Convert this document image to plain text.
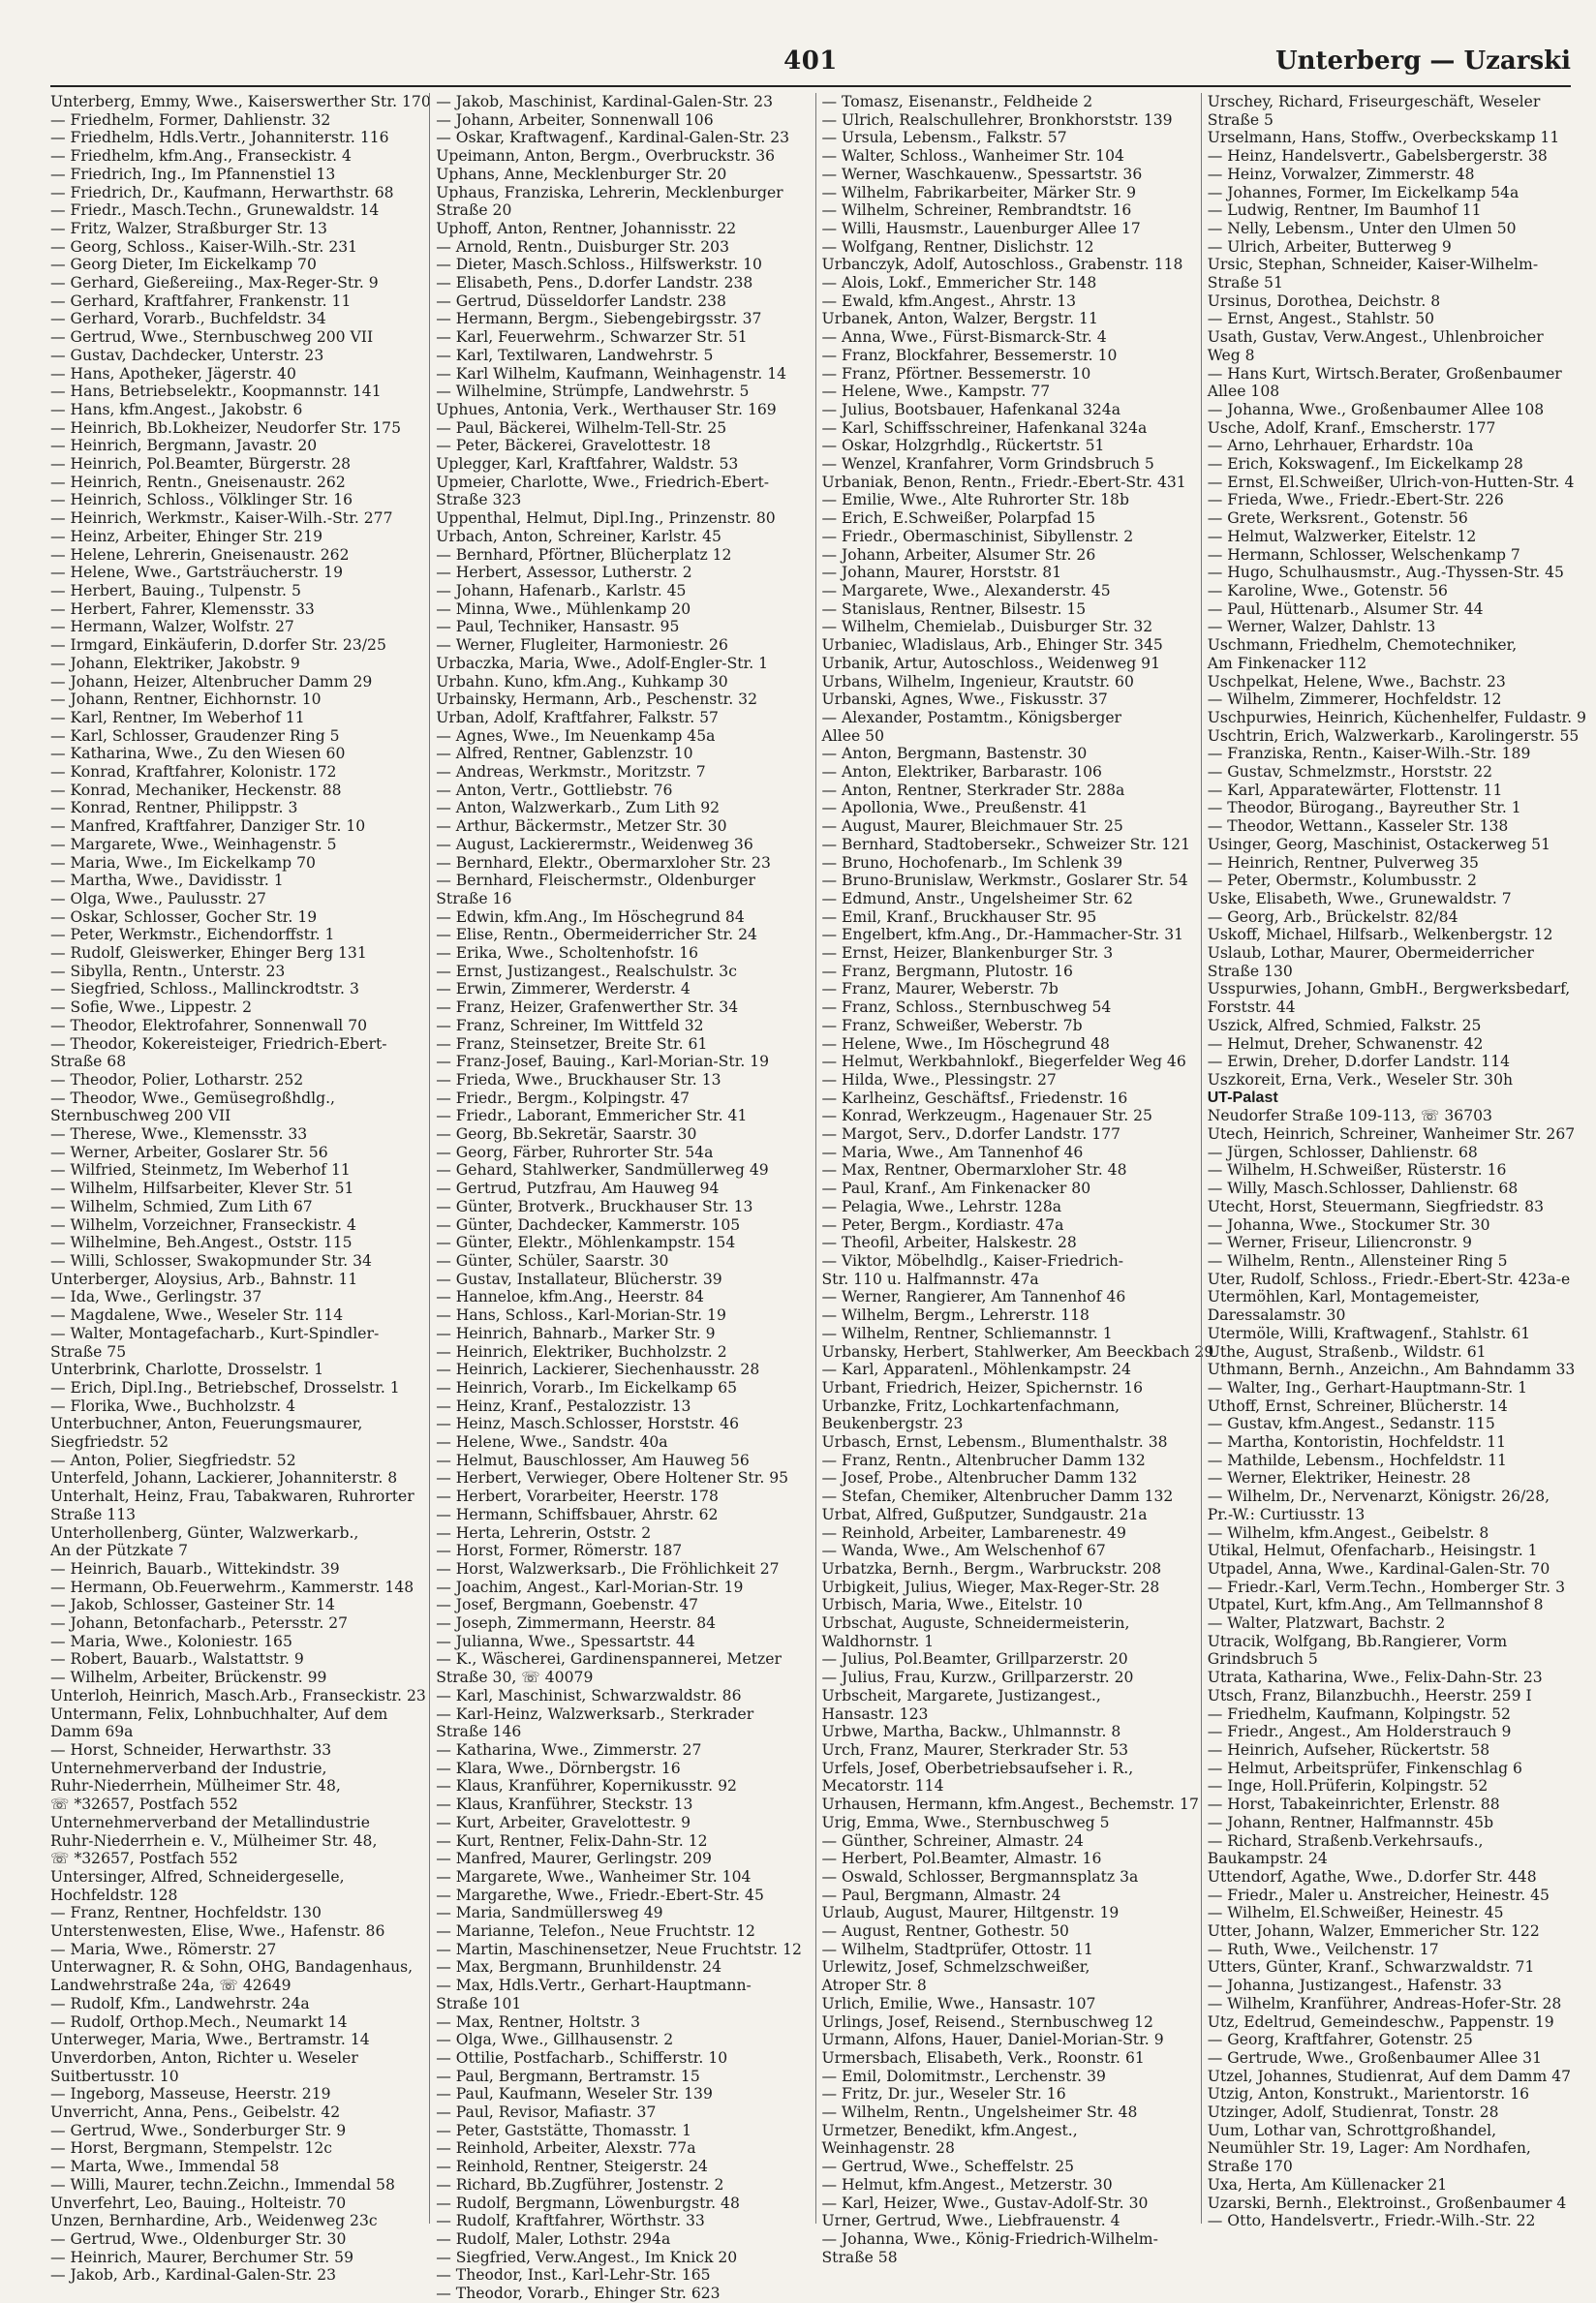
401	Unterberg — Uzarski
Unterberg, Emmy, Wwe., Kaiserswerther Str. 170
— Friedhelm, Former, Dahlienstr. 32
— Friedhelm, Hdls.Vertr., Johanniterstr. 116
— Friedhelm, kfm.Ang., Franseckistr. 4
— Friedrich, Ing., Im Pfannenstiel 13
— Friedrich, Dr., Kaufmann, Herwarthstr. 68
— Friedr., Masch.Techn., Grunewaldstr. 14
— Fritz, Walzer, Straßburger Str. 13
— Georg, Schloss., Kaiser-Wilh.-Str. 231
— Georg Dieter, Im Eickelkamp 70
— Gerhard, Gießereiing., Max-Reger-Str. 9
— Gerhard, Kraftfahrer, Frankenstr. 11
— Gerhard, Vorarb., Buchfeldstr. 34
— Gertrud, Wwe., Sternbuschweg 200 VII
— Gustav, Dachdecker, Unterstr. 23
— Hans, Apotheker, Jägerstr. 40
— Hans, Betriebselektr., Koopmannstr. 141
— Hans, kfm.Angest., Jakobstr. 6
— Heinrich, Bb.Lokheizer, Neudorfer Str. 175
— Heinrich, Bergmann, Javastr. 20
— Heinrich, Pol.Beamter, Bürgerstr. 28
— Heinrich, Rentn., Gneisenaustr. 262
— Heinrich, Schloss., Völklinger Str. 16
— Heinrich, Werkmstr., Kaiser-Wilh.-Str. 277
— Heinz, Arbeiter, Ehinger Str. 219
— Helene, Lehrerin, Gneisenaustr. 262
— Helene, Wwe., Gartsträucherstr. 19
— Herbert, Bauing., Tulpenstr. 5
— Herbert, Fahrer, Klemensstr. 33
— Hermann, Walzer, Wolfstr. 27
— Irmgard, Einkäuferin, D.dorfer Str. 23/25
— Johann, Elektriker, Jakobstr. 9
— Johann, Heizer, Altenbrucher Damm 29
— Johann, Rentner, Eichhornstr. 10
— Karl, Rentner, Im Weberhof 11
— Karl, Schlosser, Graudenzer Ring 5
— Katharina, Wwe., Zu den Wiesen 60
— Konrad, Kraftfahrer, Kolonistr. 172
— Konrad, Mechaniker, Heckenstr. 88
— Konrad, Rentner, Philippstr. 3
— Manfred, Kraftfahrer, Danziger Str. 10
— Margarete, Wwe., Weinhagenstr. 5
— Maria, Wwe., Im Eickelkamp 70
— Martha, Wwe., Davidisstr. 1
— Olga, Wwe., Paulusstr. 27
— Oskar, Schlosser, Gocher Str. 19
— Peter, Werkmstr., Eichendorffstr. 1
— Rudolf, Gleiswerker, Ehinger Berg 131
— Sibylla, Rentn., Unterstr. 23
— Siegfried, Schloss., Mallinckrodtstr. 3
— Sofie, Wwe., Lippestr. 2
— Theodor, Elektrofahrer, Sonnenwall 70
— Theodor, Kokereisteiger, Friedrich-Ebert-
Straße 68
— Theodor, Polier, Lotharstr. 252
— Theodor, Wwe., Gemüsegroßhdlg.,
Sternbuschweg 200 VII
— Therese, Wwe., Klemensstr. 33
— Werner, Arbeiter, Goslarer Str. 56
— Wilfried, Steinmetz, Im Weberhof 11
— Wilhelm, Hilfsarbeiter, Klever Str. 51
— Wilhelm, Schmied, Zum Lith 67
— Wilhelm, Vorzeichner, Franseckistr. 4
— Wilhelmine, Beh.Angest., Oststr. 115
— Willi, Schlosser, Swakopmunder Str. 34
Unterberger, Aloysius, Arb., Bahnstr. 11
— Ida, Wwe., Gerlingstr. 37
— Magdalene, Wwe., Weseler Str. 114
— Walter, Montagefacharb., Kurt-Spindler-
Straße 75
Unterbrink, Charlotte, Drosselstr. 1
— Erich, Dipl.Ing., Betriebschef, Drosselstr. 1
— Florika, Wwe., Buchholzstr. 4
Unterbuchner, Anton, Feuerungsmaurer,
Siegfriedstr. 52
— Anton, Polier, Siegfriedstr. 52
Unterfeld, Johann, Lackierer, Johanniterstr. 8
Unterhalt, Heinz, Frau, Tabakwaren, Ruhrorter
Straße 113
Unterhollenberg, Günter, Walzwerkarb.,
An der Pützkate 7
— Heinrich, Bauarb., Wittekindstr. 39
— Hermann, Ob.Feuerwehrm., Kammerstr. 148
— Jakob, Schlosser, Gasteiner Str. 14
— Johann, Betonfacharb., Petersstr. 27
— Maria, Wwe., Koloniestr. 165
— Robert, Bauarb., Walstattstr. 9
— Wilhelm, Arbeiter, Brückenstr. 99
Unterloh, Heinrich, Masch.Arb., Franseckistr. 23
Untermann, Felix, Lohnbuchhalter, Auf dem
Damm 69a
— Horst, Schneider, Herwarthstr. 33
Unternehmerverband der Industrie,
Ruhr-Niederrhein, Mülheimer Str. 48,
☏ *32657, Postfach 552
Unternehmerverband der Metallindustrie
Ruhr-Niederrhein e. V., Mülheimer Str. 48,
☏ *32657, Postfach 552
Untersinger, Alfred, Schneidergeselle,
Hochfeldstr. 128
— Franz, Rentner, Hochfeldstr. 130
Unterstenwesten, Elise, Wwe., Hafenstr. 86
— Maria, Wwe., Römerstr. 27
Unterwagner, R. & Sohn, OHG, Bandagenhaus,
Landwehrstraße 24a, ☏ 42649
— Rudolf, Kfm., Landwehrstr. 24a
— Rudolf, Orthop.Mech., Neumarkt 14
Unterweger, Maria, Wwe., Bertramstr. 14
Unverdorben, Anton, Richter u. Weseler
Suitbertusstr. 10
— Ingeborg, Masseuse, Heerstr. 219
Unverricht, Anna, Pens., Geibelstr. 42
— Gertrud, Wwe., Sonderburger Str. 9
— Horst, Bergmann, Stempelstr. 12c
— Marta, Wwe., Immendal 58
— Willi, Maurer, techn.Zeichn., Immendal 58
Unverfehrt, Leo, Bauing., Holteistr. 70
Unzen, Bernhardine, Arb., Weidenweg 23c
— Gertrud, Wwe., Oldenburger Str. 30
— Heinrich, Maurer, Berchumer Str. 59
— Jakob, Arb., Kardinal-Galen-Str. 23
— Jakob, Maschinist, Kardinal-Galen-Str. 23
— Johann, Arbeiter, Sonnenwall 106
— Oskar, Kraftwagenf., Kardinal-Galen-Str. 23
Upeimann, Anton, Bergm., Overbruckstr. 36
Uphans, Anne, Mecklenburger Str. 20
Uphaus, Franziska, Lehrerin, Mecklenburger
Straße 20
Uphoff, Anton, Rentner, Johannisstr. 22
— Arnold, Rentn., Duisburger Str. 203
— Dieter, Masch.Schloss., Hilfswerkstr. 10
— Elisabeth, Pens., D.dorfer Landstr. 238
— Gertrud, Düsseldorfer Landstr. 238
— Hermann, Bergm., Siebengebirgsstr. 37
— Karl, Feuerwehrm., Schwarzer Str. 51
— Karl, Textilwaren, Landwehrstr. 5
— Karl Wilhelm, Kaufmann, Weinhagenstr. 14
— Wilhelmine, Strümpfe, Landwehrstr. 5
Uphues, Antonia, Verk., Werthauser Str. 169
— Paul, Bäckerei, Wilhelm-Tell-Str. 25
— Peter, Bäckerei, Gravelottestr. 18
Uplegger, Karl, Kraftfahrer, Waldstr. 53
Upmeier, Charlotte, Wwe., Friedrich-Ebert-
Straße 323
Uppenthal, Helmut, Dipl.Ing., Prinzenstr. 80
Urbach, Anton, Schreiner, Karlstr. 45
— Bernhard, Pförtner, Blücherplatz 12
— Herbert, Assessor, Lutherstr. 2
— Johann, Hafenarb., Karlstr. 45
— Minna, Wwe., Mühlenkamp 20
— Paul, Techniker, Hansastr. 95
— Werner, Flugleiter, Harmoniestr. 26
Urbaczka, Maria, Wwe., Adolf-Engler-Str. 1
Urbahn. Kuno, kfm.Ang., Kuhkamp 30
Urbainsky, Hermann, Arb., Peschenstr. 32
Urban, Adolf, Kraftfahrer, Falkstr. 57
— Agnes, Wwe., Im Neuenkamp 45a
— Alfred, Rentner, Gablenzstr. 10
— Andreas, Werkmstr., Moritzstr. 7
— Anton, Vertr., Gottliebstr. 76
— Anton, Walzwerkarb., Zum Lith 92
— Arthur, Bäckermstr., Metzer Str. 30
— August, Lackierermstr., Weidenweg 36
— Bernhard, Elektr., Obermarxloher Str. 23
— Bernhard, Fleischermstr., Oldenburger
Straße 16
— Edwin, kfm.Ang., Im Höschegrund 84
— Elise, Rentn., Obermeiderricher Str. 24
— Erika, Wwe., Scholtenhofstr. 16
— Ernst, Justizangest., Realschulstr. 3c
— Erwin, Zimmerer, Werderstr. 4
— Franz, Heizer, Grafenwerther Str. 34
— Franz, Schreiner, Im Wittfeld 32
— Franz, Steinsetzer, Breite Str. 61
— Franz-Josef, Bauing., Karl-Morian-Str. 19
— Frieda, Wwe., Bruckhauser Str. 13
— Friedr., Bergm., Kolpingstr. 47
— Friedr., Laborant, Emmericher Str. 41
— Georg, Bb.Sekretär, Saarstr. 30
— Georg, Färber, Ruhrorter Str. 54a
— Gehard, Stahlwerker, Sandmüllerweg 49
— Gertrud, Putzfrau, Am Hauweg 94
— Günter, Brotverk., Bruckhauser Str. 13
— Günter, Dachdecker, Kammerstr. 105
— Günter, Elektr., Möhlenkampstr. 154
— Günter, Schüler, Saarstr. 30
— Gustav, Installateur, Blücherstr. 39
— Hanneloe, kfm.Ang., Heerstr. 84
— Hans, Schloss., Karl-Morian-Str. 19
— Heinrich, Bahnarb., Marker Str. 9
— Heinrich, Elektriker, Buchholzstr. 2
— Heinrich, Lackierer, Siechenhausstr. 28
— Heinrich, Vorarb., Im Eickelkamp 65
— Heinz, Kranf., Pestalozzistr. 13
— Heinz, Masch.Schlosser, Horststr. 46
— Helene, Wwe., Sandstr. 40a
— Helmut, Bauschlosser, Am Hauweg 56
— Herbert, Verwieger, Obere Holtener Str. 95
— Herbert, Vorarbeiter, Heerstr. 178
— Hermann, Schiffsbauer, Ahrstr. 62
— Herta, Lehrerin, Oststr. 2
— Horst, Former, Römerstr. 187
— Horst, Walzwerksarb., Die Fröhlichkeit 27
— Joachim, Angest., Karl-Morian-Str. 19
— Josef, Bergmann, Goebenstr. 47
— Joseph, Zimmermann, Heerstr. 84
— Julianna, Wwe., Spessartstr. 44
— K., Wäscherei, Gardinenspannerei, Metzer
Straße 30, ☏ 40079
— Karl, Maschinist, Schwarzwaldstr. 86
— Karl-Heinz, Walzwerksarb., Sterkrader
Straße 146
— Katharina, Wwe., Zimmerstr. 27
— Klara, Wwe., Dörnbergstr. 16
— Klaus, Kranführer, Kopernikusstr. 92
— Klaus, Kranführer, Steckstr. 13
— Kurt, Arbeiter, Gravelottestr. 9
— Kurt, Rentner, Felix-Dahn-Str. 12
— Manfred, Maurer, Gerlingstr. 209
— Margarete, Wwe., Wanheimer Str. 104
— Margarethe, Wwe., Friedr.-Ebert-Str. 45
— Maria, Sandmüllersweg 49
— Marianne, Telefon., Neue Fruchtstr. 12
— Martin, Maschinensetzer, Neue Fruchtstr. 12
— Max, Bergmann, Brunhildenstr. 24
— Max, Hdls.Vertr., Gerhart-Hauptmann-
Straße 101
— Max, Rentner, Holtstr. 3
— Olga, Wwe., Gillhausenstr. 2
— Ottilie, Postfacharb., Schifferstr. 10
— Paul, Bergmann, Bertramstr. 15
— Paul, Kaufmann, Weseler Str. 139
— Paul, Revisor, Mafiastr. 37
— Peter, Gaststätte, Thomasstr. 1
— Reinhold, Arbeiter, Alexstr. 77a
— Reinhold, Rentner, Steigerstr. 24
— Richard, Bb.Zugführer, Jostenstr. 2
— Rudolf, Bergmann, Löwenburgstr. 48
— Rudolf, Kraftfahrer, Wörthstr. 33
— Rudolf, Maler, Lothstr. 294a
— Siegfried, Verw.Angest., Im Knick 20
— Theodor, Inst., Karl-Lehr-Str. 165
— Theodor, Vorarb., Ehinger Str. 623
— Tomasz, Eisenanstr., Feldheide 2
— Ulrich, Realschullehrer, Bronkhorststr. 139
— Ursula, Lebensm., Falkstr. 57
— Walter, Schloss., Wanheimer Str. 104
— Werner, Waschkauenw., Spessartstr. 36
— Wilhelm, Fabrikarbeiter, Märker Str. 9
— Wilhelm, Schreiner, Rembrandtstr. 16
— Willi, Hausmstr., Lauenburger Allee 17
— Wolfgang, Rentner, Dislichstr. 12
Urbanczyk, Adolf, Autoschloss., Grabenstr. 118
— Alois, Lokf., Emmericher Str. 148
— Ewald, kfm.Angest., Ahrstr. 13
Urbanek, Anton, Walzer, Bergstr. 11
— Anna, Wwe., Fürst-Bismarck-Str. 4
— Franz, Blockfahrer, Bessemerstr. 10
— Franz, Pförtner. Bessemerstr. 10
— Helene, Wwe., Kampstr. 77
— Julius, Bootsbauer, Hafenkanal 324a
— Karl, Schiffsschreiner, Hafenkanal 324a
— Oskar, Holzgrhdlg., Rückertstr. 51
— Wenzel, Kranfahrer, Vorm Grindsbruch 5
Urbaniak, Benon, Rentn., Friedr.-Ebert-Str. 431
— Emilie, Wwe., Alte Ruhrorter Str. 18b
— Erich, E.Schweißer, Polarpfad 15
— Friedr., Obermaschinist, Sibyllenstr. 2
— Johann, Arbeiter, Alsumer Str. 26
— Johann, Maurer, Horststr. 81
— Margarete, Wwe., Alexanderstr. 45
— Stanislaus, Rentner, Bilsestr. 15
— Wilhelm, Chemielab., Duisburger Str. 32
Urbaniec, Wladislaus, Arb., Ehinger Str. 345
Urbanik, Artur, Autoschloss., Weidenweg 91
Urbans, Wilhelm, Ingenieur, Krautstr. 60
Urbanski, Agnes, Wwe., Fiskusstr. 37
— Alexander, Postamtm., Königsberger
Allee 50
— Anton, Bergmann, Bastenstr. 30
— Anton, Elektriker, Barbarastr. 106
— Anton, Rentner, Sterkrader Str. 288a
— Apollonia, Wwe., Preußenstr. 41
— August, Maurer, Bleichmauer Str. 25
— Bernhard, Stadtobersekr., Schweizer Str. 121
— Bruno, Hochofenarb., Im Schlenk 39
— Bruno-Brunislaw, Werkmstr., Goslarer Str. 54
— Edmund, Anstr., Ungelsheimer Str. 62
— Emil, Kranf., Bruckhauser Str. 95
— Engelbert, kfm.Ang., Dr.-Hammacher-Str. 31
— Ernst, Heizer, Blankenburger Str. 3
— Franz, Bergmann, Plutostr. 16
— Franz, Maurer, Weberstr. 7b
— Franz, Schloss., Sternbuschweg 54
— Franz, Schweißer, Weberstr. 7b
— Helene, Wwe., Im Höschegrund 48
— Helmut, Werkbahnlokf., Biegerfelder Weg 46
— Hilda, Wwe., Plessingstr. 27
— Karlheinz, Geschäftsf., Friedenstr. 16
— Konrad, Werkzeugm., Hagenauer Str. 25
— Margot, Serv., D.dorfer Landstr. 177
— Maria, Wwe., Am Tannenhof 46
— Max, Rentner, Obermarxloher Str. 48
— Paul, Kranf., Am Finkenacker 80
— Pelagia, Wwe., Lehrstr. 128a
— Peter, Bergm., Kordiastr. 47a
— Theofil, Arbeiter, Halskestr. 28
— Viktor, Möbelhdlg., Kaiser-Friedrich-
Str. 110 u. Halfmannstr. 47a
— Werner, Rangierer, Am Tannenhof 46
— Wilhelm, Bergm., Lehrerstr. 118
— Wilhelm, Rentner, Schliemannstr. 1
Urbansky, Herbert, Stahlwerker, Am Beeckbach 29
— Karl, Apparatenl., Möhlenkampstr. 24
Urbant, Friedrich, Heizer, Spichernstr. 16
Urbanzke, Fritz, Lochkartenfachmann,
Beukenbergstr. 23
Urbasch, Ernst, Lebensm., Blumenthalstr. 38
— Franz, Rentn., Altenbrucher Damm 132
— Josef, Probe., Altenbrucher Damm 132
— Stefan, Chemiker, Altenbrucher Damm 132
Urbat, Alfred, Gußputzer, Sundgaustr. 21a
— Reinhold, Arbeiter, Lambarenestr. 49
— Wanda, Wwe., Am Welschenhof 67
Urbatzka, Bernh., Bergm., Warbruckstr. 208
Urbigkeit, Julius, Wieger, Max-Reger-Str. 28
Urbisch, Maria, Wwe., Eitelstr. 10
Urbschat, Auguste, Schneidermeisterin,
Waldhornstr. 1
— Julius, Pol.Beamter, Grillparzerstr. 20
— Julius, Frau, Kurzw., Grillparzerstr. 20
Urbscheit, Margarete, Justizangest.,
Hansastr. 123
Urbwe, Martha, Backw., Uhlmannstr. 8
Urch, Franz, Maurer, Sterkrader Str. 53
Urfels, Josef, Oberbetriebsaufseher i. R.,
Mecatorstr. 114
Urhausen, Hermann, kfm.Angest., Bechemstr. 17
Urig, Emma, Wwe., Sternbuschweg 5
— Günther, Schreiner, Almastr. 24
— Herbert, Pol.Beamter, Almastr. 16
— Oswald, Schlosser, Bergmannsplatz 3a
— Paul, Bergmann, Almastr. 24
Urlaub, August, Maurer, Hiltgenstr. 19
— August, Rentner, Gothestr. 50
— Wilhelm, Stadtprüfer, Ottostr. 11
Urlewitz, Josef, Schmelzschweißer,
Atroper Str. 8
Urlich, Emilie, Wwe., Hansastr. 107
Urlings, Josef, Reisend., Sternbuschweg 12
Urmann, Alfons, Hauer, Daniel-Morian-Str. 9
Urmersbach, Elisabeth, Verk., Roonstr. 61
— Emil, Dolomitmstr., Lerchenstr. 39
— Fritz, Dr. jur., Weseler Str. 16
— Wilhelm, Rentn., Ungelsheimer Str. 48
Urmetzer, Benedikt, kfm.Angest.,
Weinhagenstr. 28
— Gertrud, Wwe., Scheffelstr. 25
— Helmut, kfm.Angest., Metzerstr. 30
— Karl, Heizer, Wwe., Gustav-Adolf-Str. 30
Urner, Gertrud, Wwe., Liebfrauenstr. 4
— Johanna, Wwe., König-Friedrich-Wilhelm-
Straße 58
Urschey, Richard, Friseurgeschäft, Weseler
Straße 5
Urselmann, Hans, Stoffw., Overbeckskamp 11
— Heinz, Handelsvertr., Gabelsbergerstr. 38
— Heinz, Vorwalzer, Zimmerstr. 48
— Johannes, Former, Im Eickelkamp 54a
— Ludwig, Rentner, Im Baumhof 11
— Nelly, Lebensm., Unter den Ulmen 50
— Ulrich, Arbeiter, Butterweg 9
Ursic, Stephan, Schneider, Kaiser-Wilhelm-
Straße 51
Ursinus, Dorothea, Deichstr. 8
— Ernst, Angest., Stahlstr. 50
Usath, Gustav, Verw.Angest., Uhlenbroicher
Weg 8
— Hans Kurt, Wirtsch.Berater, Großenbaumer
Allee 108
— Johanna, Wwe., Großenbaumer Allee 108
Usche, Adolf, Kranf., Emscherstr. 177
— Arno, Lehrhauer, Erhardstr. 10a
— Erich, Kokswagenf., Im Eickelkamp 28
— Ernst, El.Schweißer, Ulrich-von-Hutten-Str. 4
— Frieda, Wwe., Friedr.-Ebert-Str. 226
— Grete, Werksrent., Gotenstr. 56
— Helmut, Walzwerker, Eitelstr. 12
— Hermann, Schlosser, Welschenkamp 7
— Hugo, Schulhausmstr., Aug.-Thyssen-Str. 45
— Karoline, Wwe., Gotenstr. 56
— Paul, Hüttenarb., Alsumer Str. 44
— Werner, Walzer, Dahlstr. 13
Uschmann, Friedhelm, Chemotechniker,
Am Finkenacker 112
Uschpelkat, Helene, Wwe., Bachstr. 23
— Wilhelm, Zimmerer, Hochfeldstr. 12
Uschpurwies, Heinrich, Küchenhelfer, Fuldastr. 9
Uschtrin, Erich, Walzwerkarb., Karolingerstr. 55
— Franziska, Rentn., Kaiser-Wilh.-Str. 189
— Gustav, Schmelzmstr., Horststr. 22
— Karl, Apparatewärter, Flottenstr. 11
— Theodor, Bürogang., Bayreuther Str. 1
— Theodor, Wettann., Kasseler Str. 138
Usinger, Georg, Maschinist, Ostackerweg 51
— Heinrich, Rentner, Pulverweg 35
— Peter, Obermstr., Kolumbusstr. 2
Uske, Elisabeth, Wwe., Grunewaldstr. 7
— Georg, Arb., Brückelstr. 82/84
Uskoff, Michael, Hilfsarb., Welkenbergstr. 12
Uslaub, Lothar, Maurer, Obermeiderricher
Straße 130
Usspurwies, Johann, GmbH., Bergwerksbedarf,
Forststr. 44
Uszick, Alfred, Schmied, Falkstr. 25
— Helmut, Dreher, Schwanenstr. 42
— Erwin, Dreher, D.dorfer Landstr. 114
Uszkoreit, Erna, Verk., Weseler Str. 30h
UT-Palast
Neudorfer Straße 109-113, ☏ 36703
Utech, Heinrich, Schreiner, Wanheimer Str. 267
— Jürgen, Schlosser, Dahlienstr. 68
— Wilhelm, H.Schweißer, Rüsterstr. 16
— Willy, Masch.Schlosser, Dahlienstr. 68
Utecht, Horst, Steuermann, Siegfriedstr. 83
— Johanna, Wwe., Stockumer Str. 30
— Werner, Friseur, Liliencronstr. 9
— Wilhelm, Rentn., Allensteiner Ring 5
Uter, Rudolf, Schloss., Friedr.-Ebert-Str. 423a-e
Utermöhlen, Karl, Montagemeister,
Daressalamstr. 30
Utermöle, Willi, Kraftwagenf., Stahlstr. 61
Uthe, August, Straßenb., Wildstr. 61
Uthmann, Bernh., Anzeichn., Am Bahndamm 33
— Walter, Ing., Gerhart-Hauptmann-Str. 1
Uthoff, Ernst, Schreiner, Blücherstr. 14
— Gustav, kfm.Angest., Sedanstr. 115
— Martha, Kontoristin, Hochfeldstr. 11
— Mathilde, Lebensm., Hochfeldstr. 11
— Werner, Elektriker, Heinestr. 28
— Wilhelm, Dr., Nervenarzt, Königstr. 26/28,
Pr.-W.: Curtiusstr. 13
— Wilhelm, kfm.Angest., Geibelstr. 8
Utikal, Helmut, Ofenfacharb., Heisingstr. 1
Utpadel, Anna, Wwe., Kardinal-Galen-Str. 70
— Friedr.-Karl, Verm.Techn., Homberger Str. 3
Utpatel, Kurt, kfm.Ang., Am Tellmannshof 8
— Walter, Platzwart, Bachstr. 2
Utracik, Wolfgang, Bb.Rangierer, Vorm
Grindsbruch 5
Utrata, Katharina, Wwe., Felix-Dahn-Str. 23
Utsch, Franz, Bilanzbuchh., Heerstr. 259 I
— Friedhelm, Kaufmann, Kolpingstr. 52
— Friedr., Angest., Am Holderstrauch 9
— Heinrich, Aufseher, Rückertstr. 58
— Helmut, Arbeitsprüfer, Finkenschlag 6
— Inge, Holl.Prüferin, Kolpingstr. 52
— Horst, Tabakeinrichter, Erlenstr. 88
— Johann, Rentner, Halfmannstr. 45b
— Richard, Straßenb.Verkehrsaufs.,
Baukampstr. 24
Uttendorf, Agathe, Wwe., D.dorfer Str. 448
— Friedr., Maler u. Anstreicher, Heinestr. 45
— Wilhelm, El.Schweißer, Heinestr. 45
Utter, Johann, Walzer, Emmericher Str. 122
— Ruth, Wwe., Veilchenstr. 17
Utters, Günter, Kranf., Schwarzwaldstr. 71
— Johanna, Justizangest., Hafenstr. 33
— Wilhelm, Kranführer, Andreas-Hofer-Str. 28
Utz, Edeltrud, Gemeindeschw., Pappenstr. 19
— Georg, Kraftfahrer, Gotenstr. 25
— Gertrude, Wwe., Großenbaumer Allee 31
Utzel, Johannes, Studienrat, Auf dem Damm 47
Utzig, Anton, Konstrukt., Marientorstr. 16
Utzinger, Adolf, Studienrat, Tonstr. 28
Uum, Lothar van, Schrottgroßhandel,
Neumühler Str. 19, Lager: Am Nordhafen,
Straße 170
Uxa, Herta, Am Küllenacker 21
Uzarski, Bernh., Elektroinst., Großenbaumer 4
— Otto, Handelsvertr., Friedr.-Wilh.-Str. 22
